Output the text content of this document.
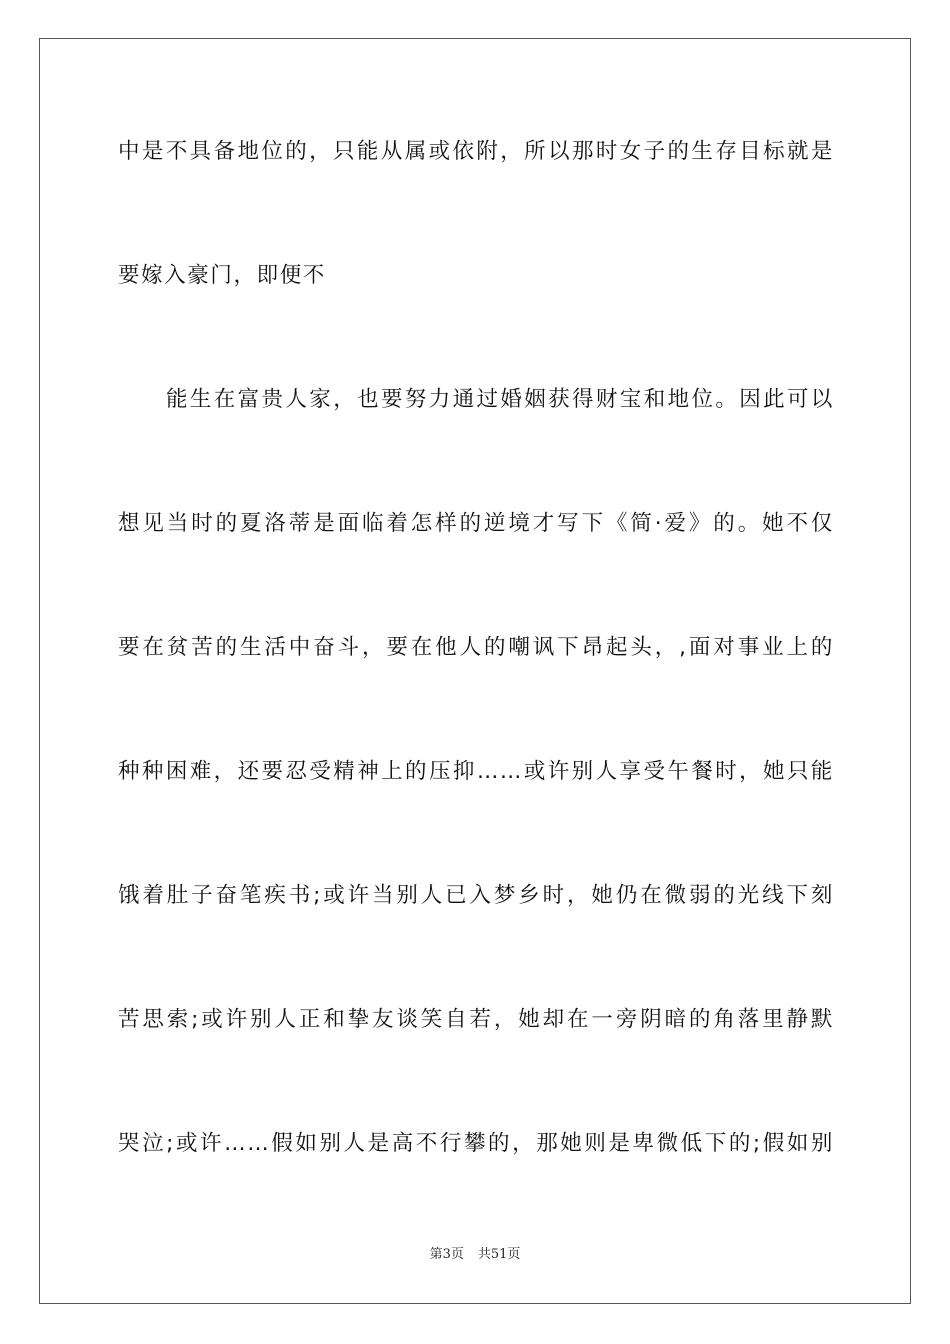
中是不具备地位的，只能从属或依附，所以那时女子的生存目标就是
要嫁入豪门，即便不
能生在富贵人家，也要努力通过婚姻获得财宝和地位。因此可以
想见当时的夏洛蒂是面临着怎样的逆境才写下《简·爱》的。她不仅
要在贫苦的生活中奋斗，要在他人的嘲讽下昂起头，,面对事业上的
种种困难，还要忍受精神上的压抑……或许别人享受午餐时，她只能
饿着肚子奋笔疾书;或许当别人已入梦乡时，她仍在微弱的光线下刻
苦思索;或许别人正和挚友谈笑自若，她却在一旁阴暗的角落里静默
哭泣;或许……假如别人是高不行攀的，那她则是卑微低下的;假如别
第3页 共51页
